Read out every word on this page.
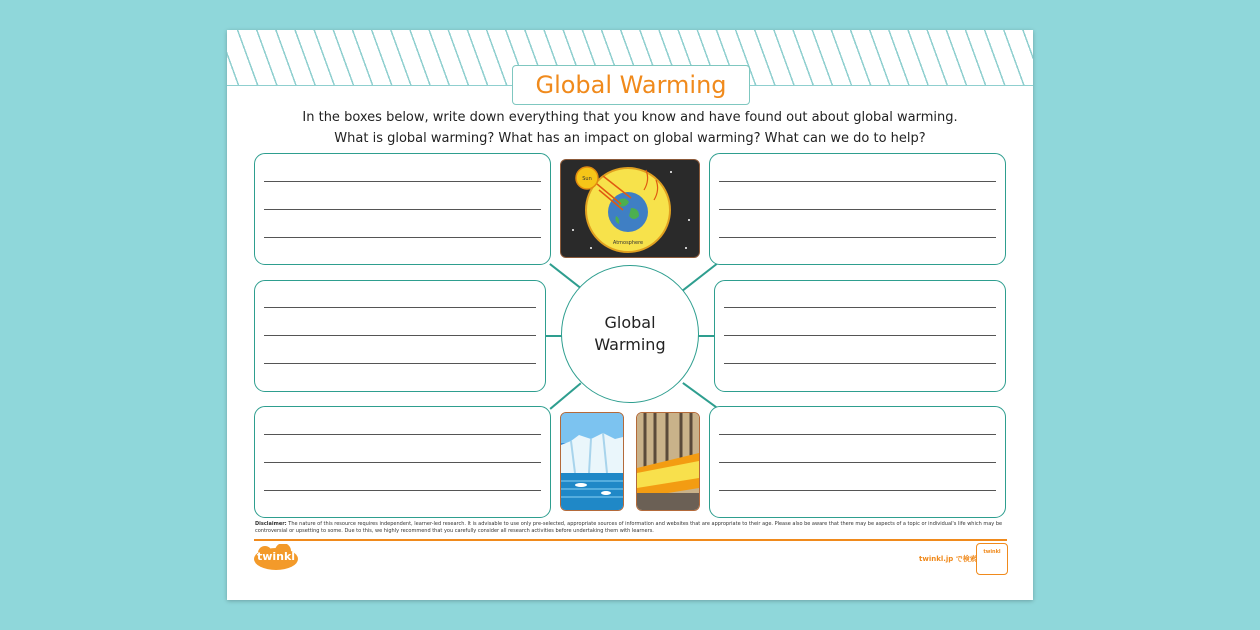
Global Warming
In the boxes below, write down everything that you know and have found out about global warming.
What is global warming? What has an impact on global warming? What can we do to help?
Global
Warming
Sun
Atmosphere
Disclaimer: The nature of this resource requires independent, learner-led research. It is advisable to use only pre-selected, appropriate sources of information and websites that are appropriate to their age. Please also be aware that there may be aspects of a topic or individual's life which may be controversial or upsetting to some. Due to this, we highly recommend that you carefully consider all research activities before undertaking them with learners.
twinkl	twinkl.jp で検索
twinkl
